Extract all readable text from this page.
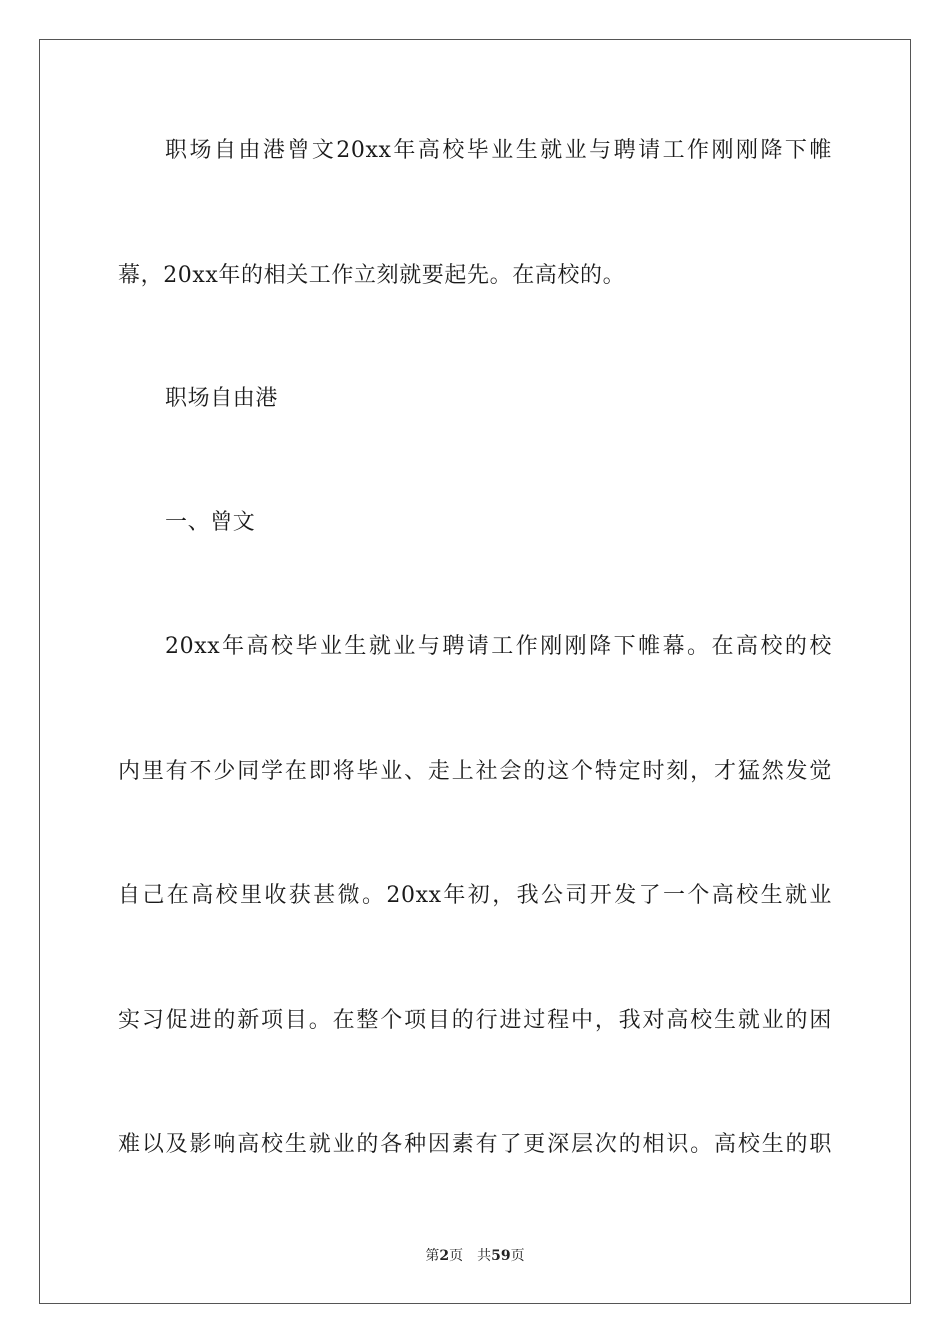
职场自由港曾文20xx年高校毕业生就业与聘请工作刚刚降下帷
幕，20xx年的相关工作立刻就要起先。在高校的。
职场自由港
一、曾文
20xx年高校毕业生就业与聘请工作刚刚降下帷幕。在高校的校
内里有不少同学在即将毕业、走上社会的这个特定时刻，才猛然发觉
自己在高校里收获甚微。20xx年初，我公司开发了一个高校生就业
实习促进的新项目。在整个项目的行进过程中，我对高校生就业的困
难以及影响高校生就业的各种因素有了更深层次的相识。高校生的职
第2页 共59页
